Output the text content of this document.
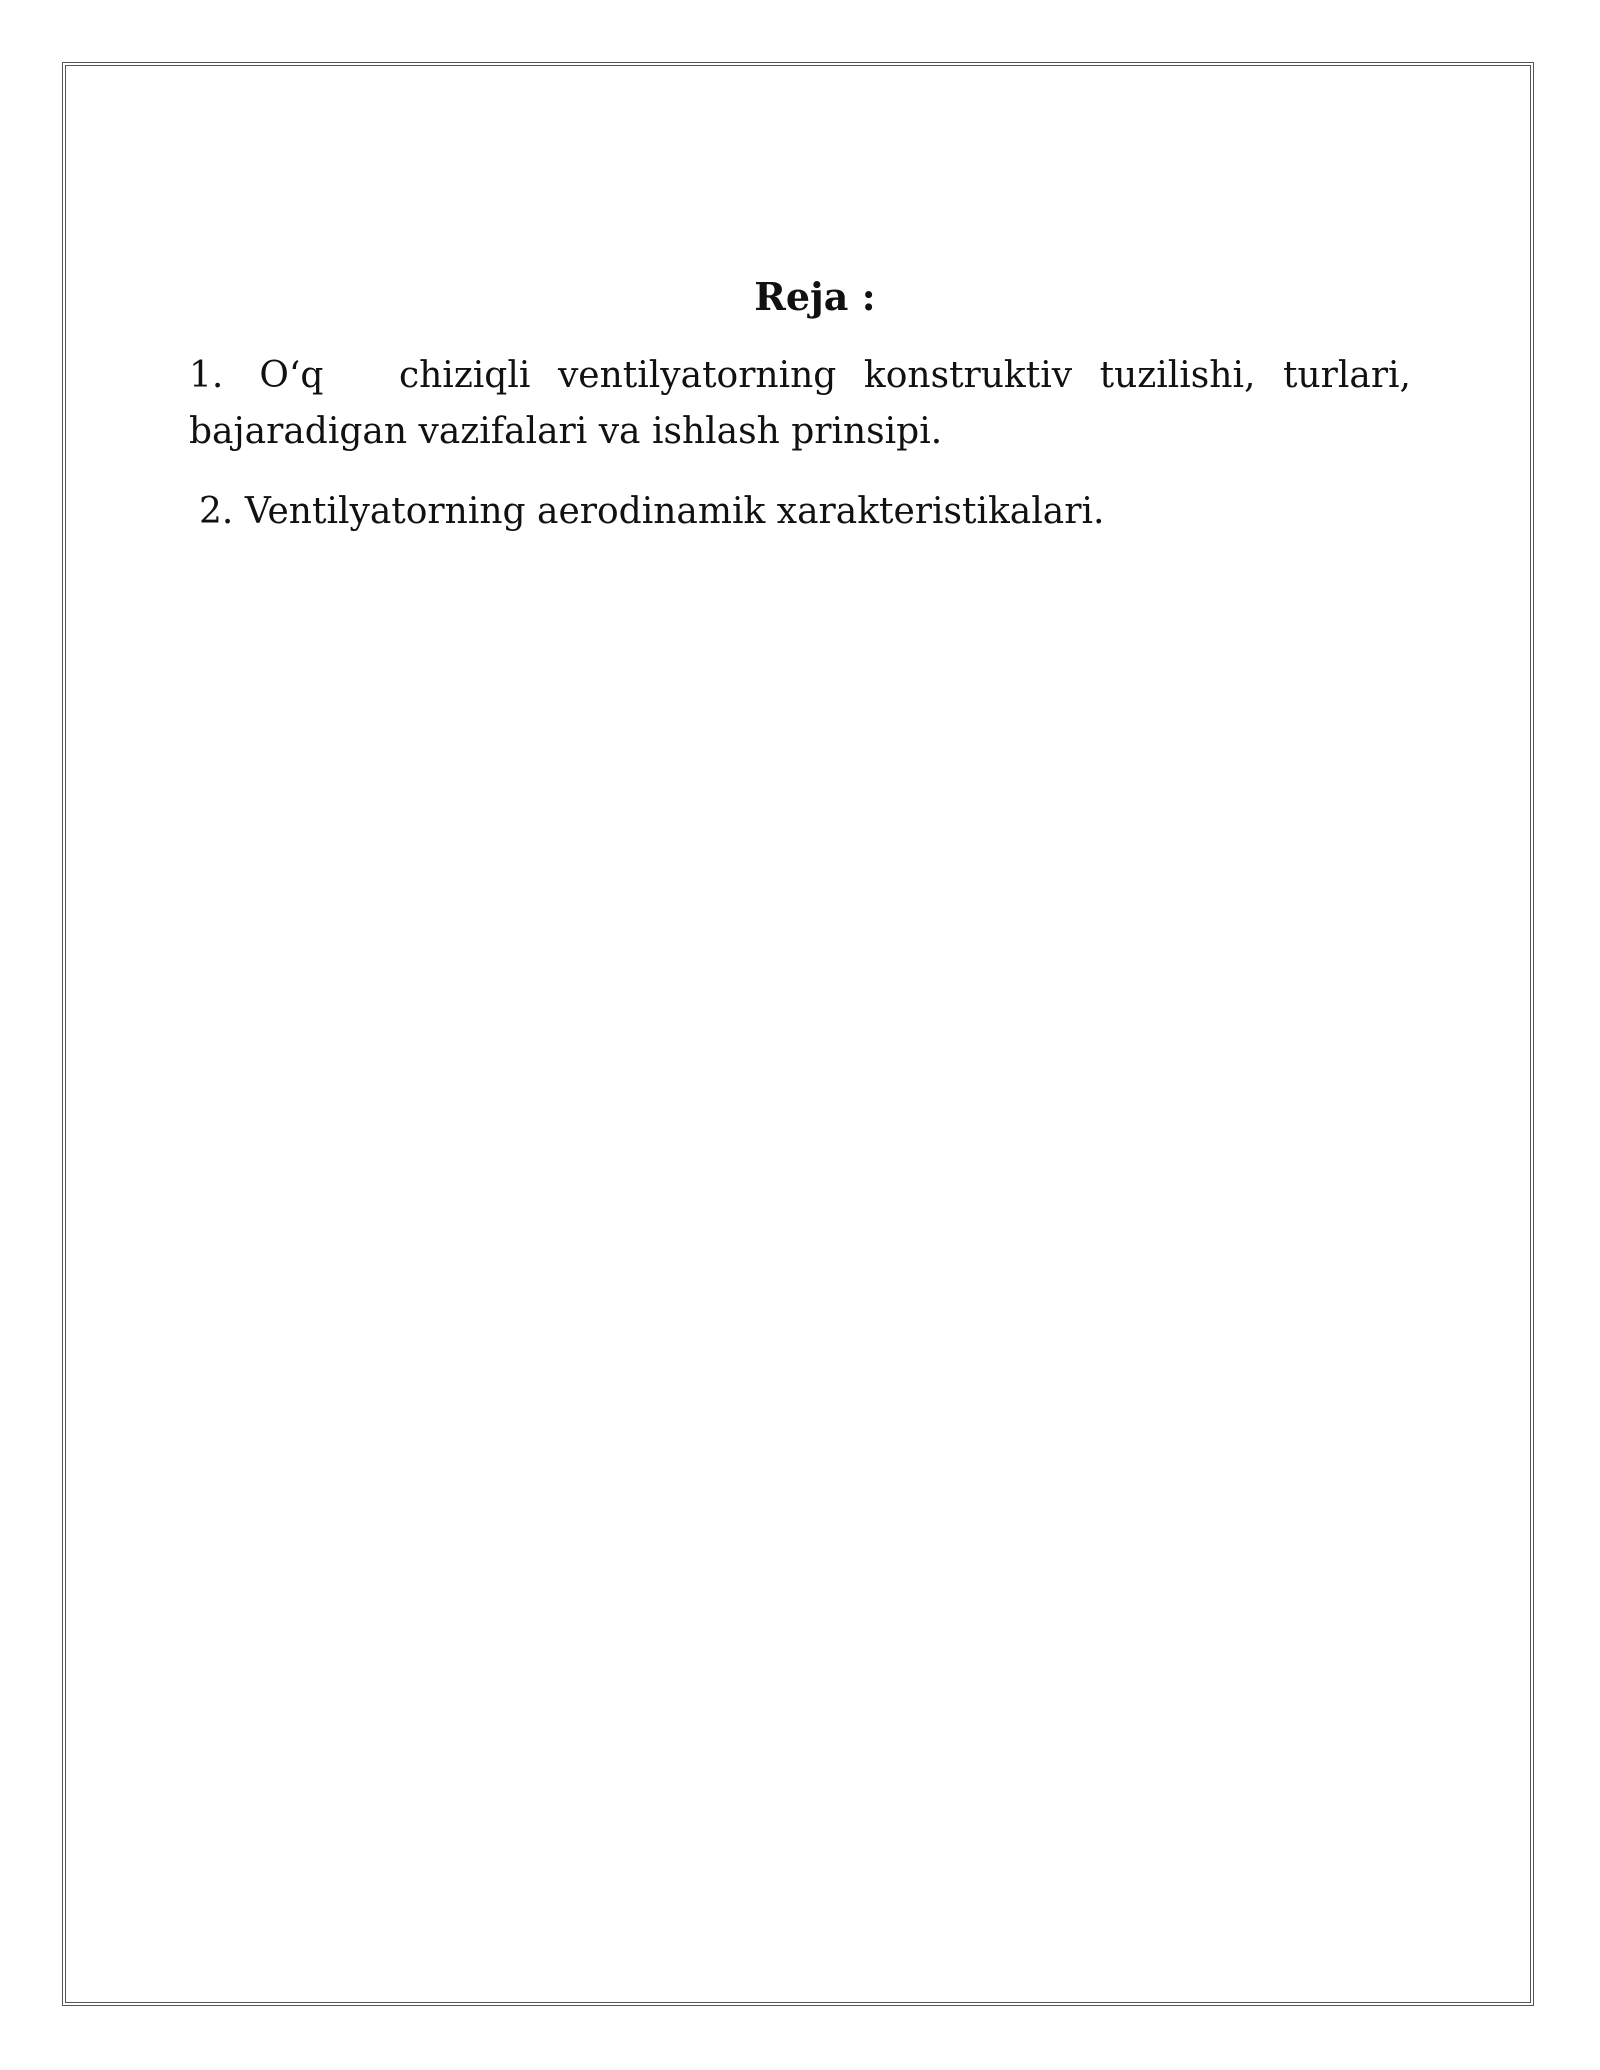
Reja :

1. O‘q chiziqli ventilyatorning konstruktiv tuzilishi, turlari, bajaradigan vazifalari va ishlash prinsipi.

2. Ventilyatorning aerodinamik xarakteristikalari.
